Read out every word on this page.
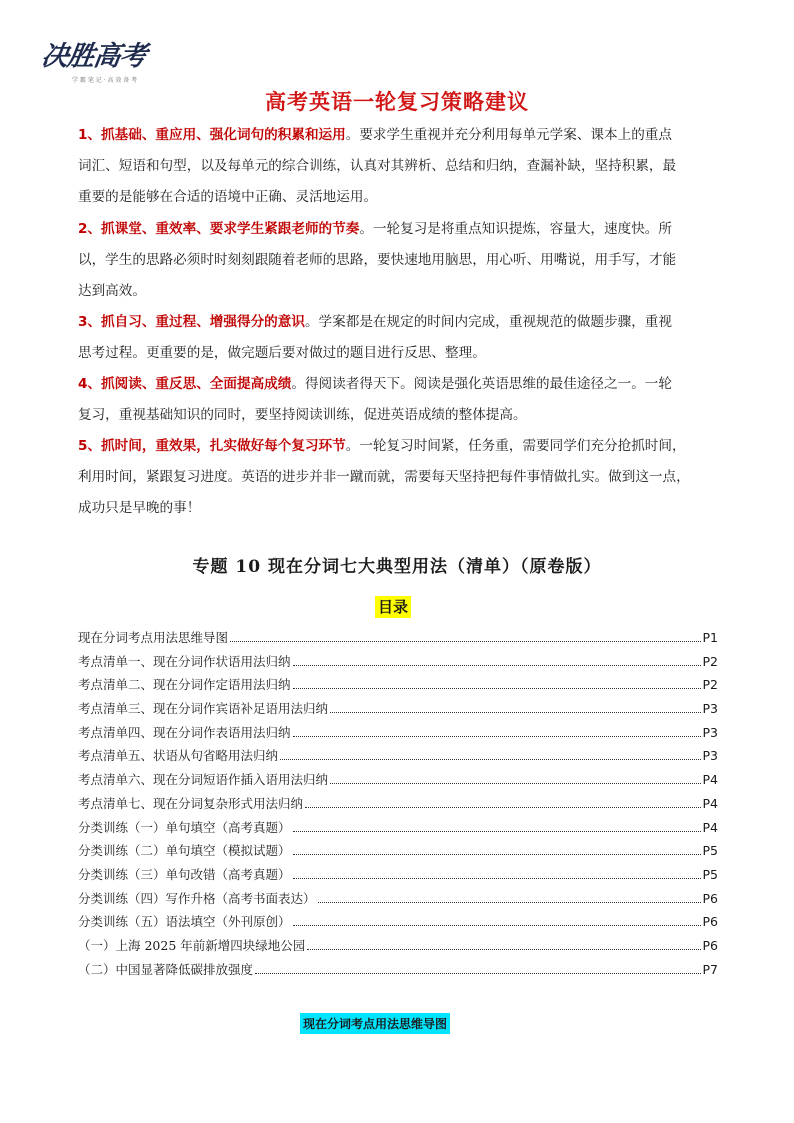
决胜高考
学 霸 笔 记 · 高 效 备 考
高考英语一轮复习策略建议
1、抓基础、重应用、强化词句的积累和运用。要求学生重视并充分利用每单元学案、课本上的重点
词汇、短语和句型，以及每单元的综合训练，认真对其辨析、总结和归纳，查漏补缺，坚持积累，最
重要的是能够在合适的语境中正确、灵活地运用。
2、抓课堂、重效率、要求学生紧跟老师的节奏。一轮复习是将重点知识提炼，容量大，速度快。所
以，学生的思路必须时时刻刻跟随着老师的思路，要快速地用脑思，用心听、用嘴说，用手写，才能
达到高效。
3、抓自习、重过程、增强得分的意识。学案都是在规定的时间内完成，重视规范的做题步骤，重视
思考过程。更重要的是，做完题后要对做过的题目进行反思、整理。
4、抓阅读、重反思、全面提高成绩。得阅读者得天下。阅读是强化英语思维的最佳途径之一。一轮
复习，重视基础知识的同时，要坚持阅读训练，促进英语成绩的整体提高。
5、抓时间，重效果，扎实做好每个复习环节。一轮复习时间紧，任务重，需要同学们充分抢抓时间，
利用时间，紧跟复习进度。英语的进步并非一蹴而就，需要每天坚持把每件事情做扎实。做到这一点，
成功只是早晚的事！
专题 10 现在分词七大典型用法（清单）（原卷版）
目录
现在分词考点用法思维导图	P1
考点清单一、现在分词作状语用法归纳	P2
考点清单二、现在分词作定语用法归纳	P2
考点清单三、现在分词作宾语补足语用法归纳	P3
考点清单四、现在分词作表语用法归纳	P3
考点清单五、状语从句省略用法归纳	P3
考点清单六、现在分词短语作插入语用法归纳	P4
考点清单七、现在分词复杂形式用法归纳	P4
分类训练（一）单句填空（高考真题）	P4
分类训练（二）单句填空（模拟试题）	P5
分类训练（三）单句改错（高考真题）	P5
分类训练（四）写作升格（高考书面表达）	P6
分类训练（五）语法填空（外刊原创）	P6
（一）上海 2025 年前新增四块绿地公园	P6
（二）中国显著降低碳排放强度	P7
现在分词考点用法思维导图
